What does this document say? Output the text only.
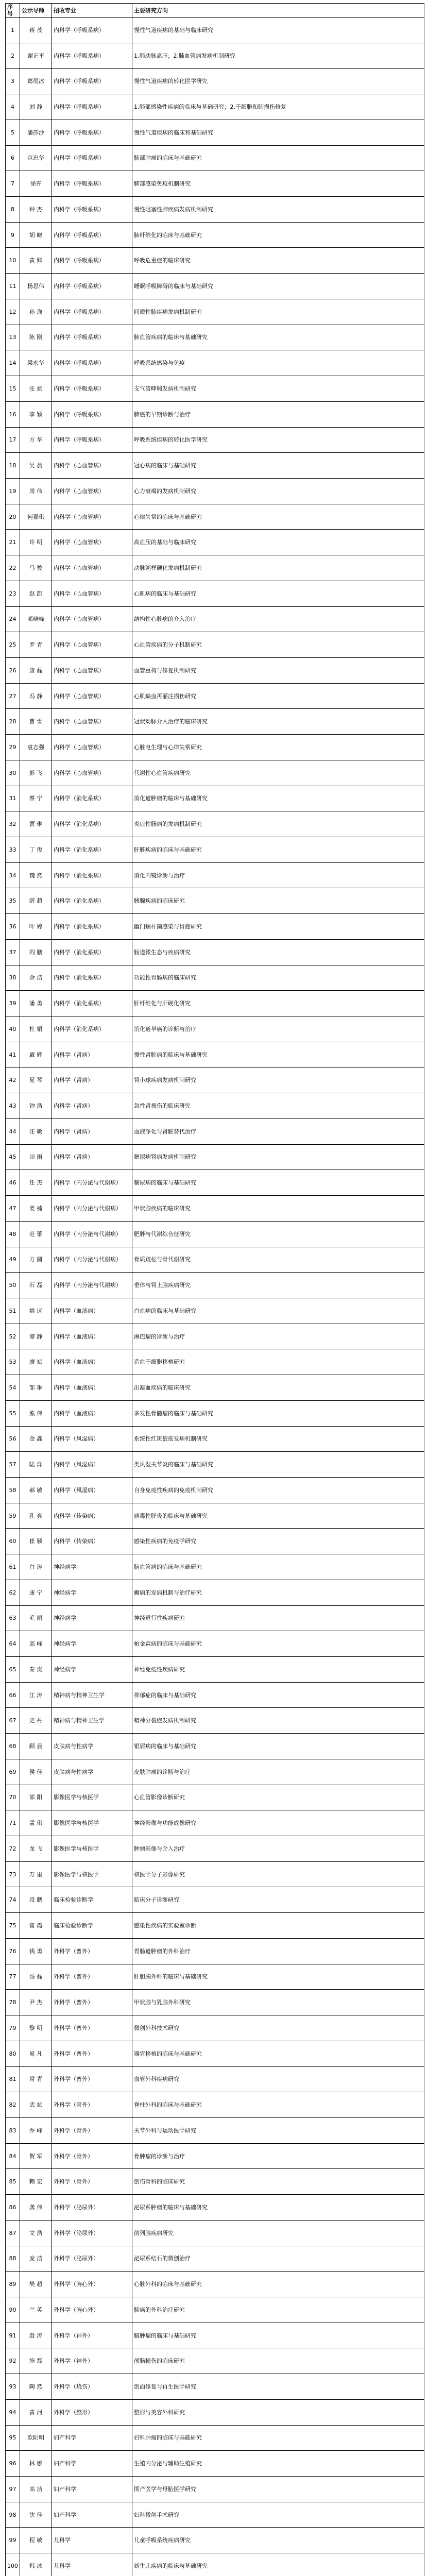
序号	公示导师	招收专业	主要研究方向
1	蒋 茂	内科学（呼吸系病）	慢性气道疾病的基础与临床研究
2	谢正平	内科学（呼吸系病）	1.肺动脉高压；2.肺血管病发病机制研究
3	葛尾冰	内科学（呼吸系病）	慢性气道疾病的转化医学研究
4	刘 静	内科学（呼吸系病）	1.肺部感染性疾病的临床与基础研究；2.干细胞和肺损伤修复
5	潘莎沙	内科学（呼吸系病）	慢性气道疾病的临床和基础研究
6	范忠华	内科学（呼吸系病）	肺部肿瘤的临床与基础研究
7	徐卉	内科学（呼吸系病）	肺部感染免疫机制研究
8	钟 杰	内科学（呼吸系病）	慢性阻塞性肺疾病发病机制研究
9	胡 晓	内科学（呼吸系病）	肺纤维化的临床与基础研究
10	黄 卿	内科学（呼吸系病）	呼吸危重症的临床研究
11	杨思伟	内科学（呼吸系病）	睡眠呼吸障碍的临床与基础研究
12	孙 逸	内科学（呼吸系病）	间质性肺疾病发病机制研究
13	陈 刚	内科学（呼吸系病）	肺血管疾病的临床与基础研究
14	梁永华	内科学（呼吸系病）	呼吸系统感染与免疫
15	张 斌	内科学（呼吸系病）	支气管哮喘发病机制研究
16	李 颖	内科学（呼吸系病）	肺癌的早期诊断与治疗
17	方 华	内科学（呼吸系病）	呼吸系统疾病的转化医学研究
18	吴 晨	内科学（心血管病）	冠心病的临床与基础研究
19	周 伟	内科学（心血管病）	心力衰竭的发病机制研究
20	何嘉琪	内科学（心血管病）	心律失常的临床与基础研究
21	许 明	内科学（心血管病）	高血压的基础与临床研究
22	马 骏	内科学（心血管病）	动脉粥样硬化发病机制研究
23	赵 凯	内科学（心血管病）	心肌病的临床与基础研究
24	邓晓峰	内科学（心血管病）	结构性心脏病的介入治疗
25	罗 青	内科学（心血管病）	心血管疾病的分子机制研究
26	唐 磊	内科学（心血管病）	血管重构与修复机制研究
27	冯 静	内科学（心血管病）	心肌缺血再灌注损伤研究
28	曹 雪	内科学（心血管病）	冠状动脉介入治疗的临床研究
29	袁志强	内科学（心血管病）	心脏电生理与心律失常研究
30	彭 飞	内科学（心血管病）	代谢性心血管疾病研究
31	蔡 宁	内科学（消化系病）	消化道肿瘤的临床与基础研究
32	贾 琳	内科学（消化系病）	炎症性肠病的发病机制研究
33	丁 俊	内科学（消化系病）	肝脏疾病的临床与基础研究
34	魏 然	内科学（消化系病）	消化内镜诊断与治疗
35	薛 超	内科学（消化系病）	胰腺疾病的临床研究
36	叶 婷	内科学（消化系病）	幽门螺杆菌感染与胃癌研究
37	阎 鹏	内科学（消化系病）	肠道微生态与疾病研究
38	余 洁	内科学（消化系病）	功能性胃肠病的临床研究
39	潘 勇	内科学（消化系病）	肝纤维化与肝硬化研究
40	杜 娟	内科学（消化系病）	消化道早癌的诊断与治疗
41	戴 辉	内科学（肾病）	慢性肾脏病的临床与基础研究
42	夏 琴	内科学（肾病）	肾小球疾病发病机制研究
43	钟 浩	内科学（肾病）	急性肾损伤的临床研究
44	汪 敏	内科学（肾病）	血液净化与肾脏替代治疗
45	田 雨	内科学（肾病）	糖尿病肾病发病机制研究
46	任 杰	内科学（内分泌与代谢病）	糖尿病的临床与基础研究
47	姜 楠	内科学（内分泌与代谢病）	甲状腺疾病的临床研究
48	范 蕾	内科学（内分泌与代谢病）	肥胖与代谢综合征研究
49	方 圆	内科学（内分泌与代谢病）	骨质疏松与骨代谢研究
50	石 磊	内科学（内分泌与代谢病）	垂体与肾上腺疾病研究
51	姚 远	内科学（血液病）	白血病的临床与基础研究
52	谭 静	内科学（血液病）	淋巴瘤的诊断与治疗
53	廖 斌	内科学（血液病）	造血干细胞移植研究
54	邹 琳	内科学（血液病）	出凝血疾病的临床研究
55	熊 伟	内科学（血液病）	多发性骨髓瘤的临床与基础研究
56	金 鑫	内科学（风湿病）	系统性红斑狼疮发病机制研究
57	陆 洋	内科学（风湿病）	类风湿关节炎的临床与基础研究
58	郝 敏	内科学（风湿病）	自身免疫性疾病的免疫机制研究
59	孔 亮	内科学（传染病）	病毒性肝炎的临床与基础研究
60	崔 颖	内科学（传染病）	感染性疾病的免疫学研究
61	白 涛	神经病学	脑血管病的临床与基础研究
62	康 宁	神经病学	癫痫的发病机制与治疗研究
63	毛 丽	神经病学	神经退行性疾病研究
64	邱 峰	神经病学	帕金森病的临床与基础研究
65	秦 岚	神经病学	神经免疫性疾病研究
66	江 涛	精神病与精神卫生学	抑郁症的临床与基础研究
67	史 丹	精神病与精神卫生学	精神分裂症发病机制研究
68	顾 晨	皮肤病与性病学	银屑病的临床与基础研究
69	侯 佳	皮肤病与性病学	皮肤肿瘤的诊断与治疗
70	邵 阳	影像医学与核医学	心血管影像诊断研究
71	孟 琪	影像医学与核医学	神经影像与功能成像研究
72	龙 飞	影像医学与核医学	肿瘤影像与介入治疗
73	万 里	影像医学与核医学	核医学分子影像研究
74	段 鹏	临床检验诊断学	临床分子诊断研究
75	雷 霞	临床检验诊断学	感染性疾病的实验室诊断
76	钱 勇	外科学（普外）	胃肠道肿瘤的外科治疗
77	汤 磊	外科学（普外）	肝胆胰外科的临床与基础研究
78	尹 杰	外科学（普外）	甲状腺与乳腺外科研究
79	黎 明	外科学（普外）	微创外科技术研究
80	易 凡	外科学（普外）	器官移植的临床与基础研究
81	常 青	外科学（普外）	血管外科疾病研究
82	武 斌	外科学（骨外）	脊柱外科的临床与基础研究
83	乔 峰	外科学（骨外）	关节外科与运动医学研究
84	贺 军	外科学（骨外）	骨肿瘤的诊断与治疗
85	赖 宏	外科学（骨外）	创伤骨科的临床研究
86	龚 伟	外科学（泌尿外）	泌尿系肿瘤的临床与基础研究
87	文 浩	外科学（泌尿外）	前列腺疾病研究
88	庞 洁	外科学（泌尿外）	泌尿系结石的微创治疗
89	樊 超	外科学（胸心外）	心脏外科的临床与基础研究
90	兰 英	外科学（胸心外）	肺癌的外科治疗研究
91	殷 涛	外科学（神外）	脑肿瘤的临床与基础研究
92	施 磊	外科学（神外）	颅脑损伤的临床研究
93	陶 然	外科学（烧伤）	创面修复与再生医学研究
94	黄 河	外科学（整形）	整形与美容外科研究
95	欧阳明	妇产科学	妇科肿瘤的临床与基础研究
96	林 娜	妇产科学	生殖内分泌与辅助生殖研究
97	高 洁	妇产科学	围产医学与母胎医学研究
98	沈 佳	妇产科学	妇科微创手术研究
99	程 敏	儿科学	儿童呼吸系统疾病研究
100	韩 冰	儿科学	新生儿疾病的临床与基础研究
